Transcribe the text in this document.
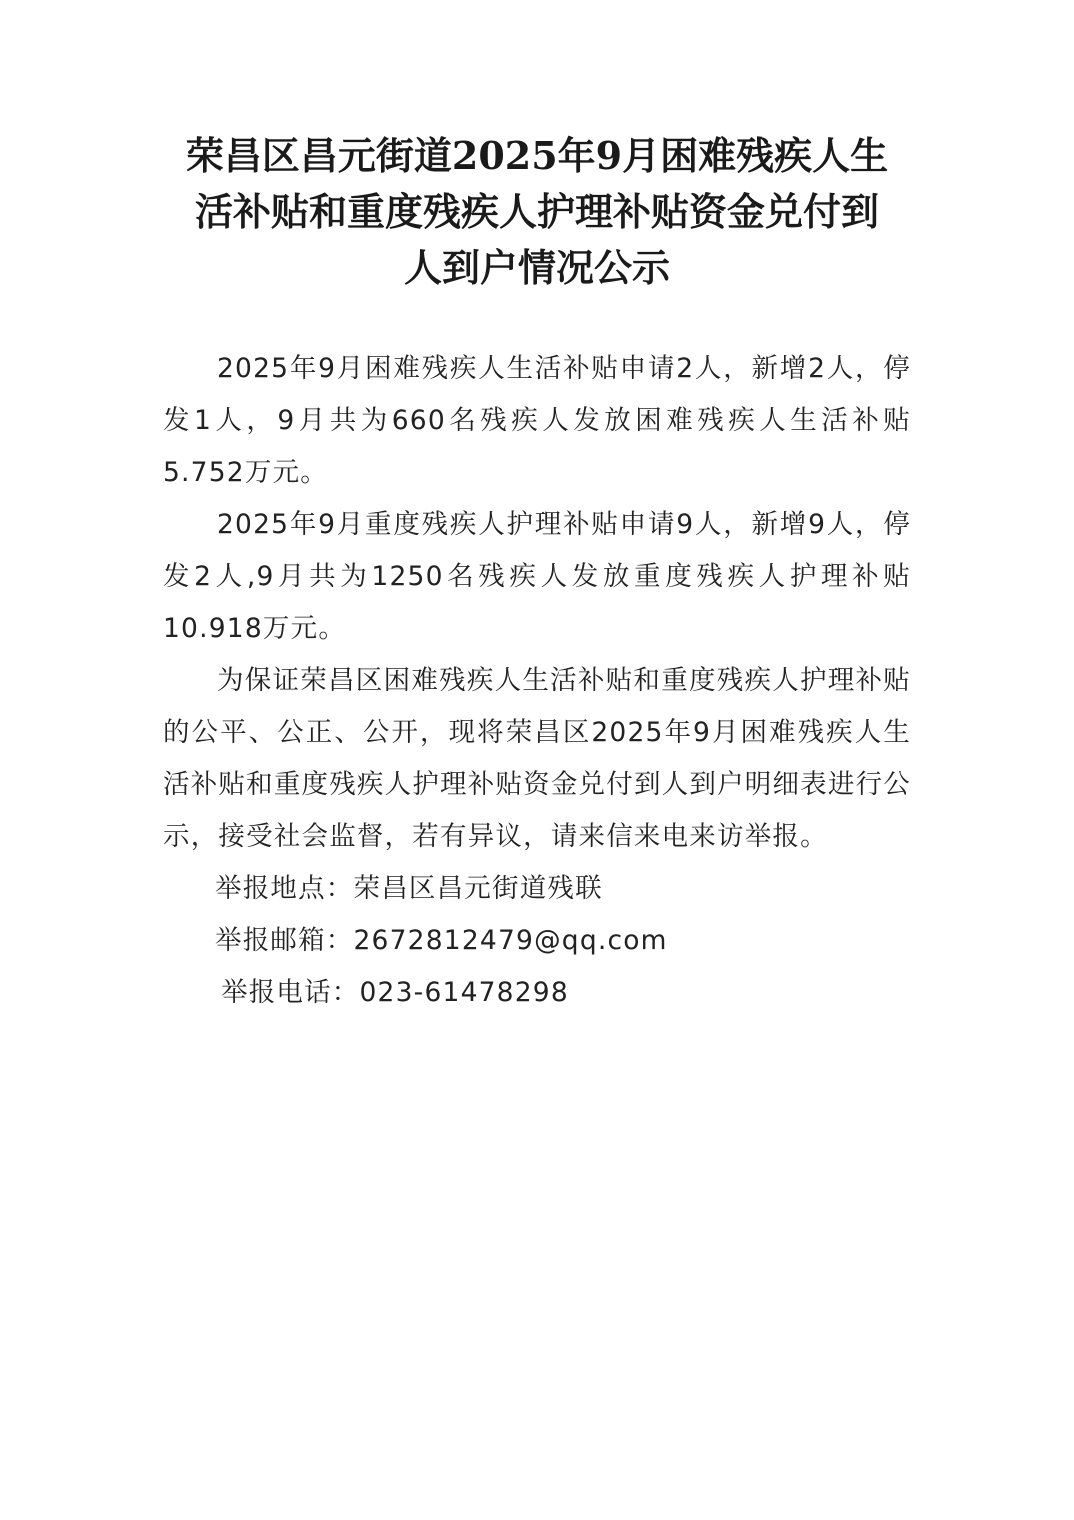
荣昌区昌元街道2025年9月困难残疾人生
活补贴和重度残疾人护理补贴资金兑付到
人到户情况公示

2025年9月困难残疾人生活补贴申请2人，新增2人，停发1人，9月共为660名残疾人发放困难残疾人生活补贴5.752万元。

2025年9月重度残疾人护理补贴申请9人，新增9人，停发2人,9月共为1250名残疾人发放重度残疾人护理补贴10.918万元。

为保证荣昌区困难残疾人生活补贴和重度残疾人护理补贴的公平、公正、公开，现将荣昌区2025年9月困难残疾人生活补贴和重度残疾人护理补贴资金兑付到人到户明细表进行公示，接受社会监督，若有异议，请来信来电来访举报。

举报地点：荣昌区昌元街道残联

举报邮箱：2672812479@qq.com

举报电话：023-61478298
